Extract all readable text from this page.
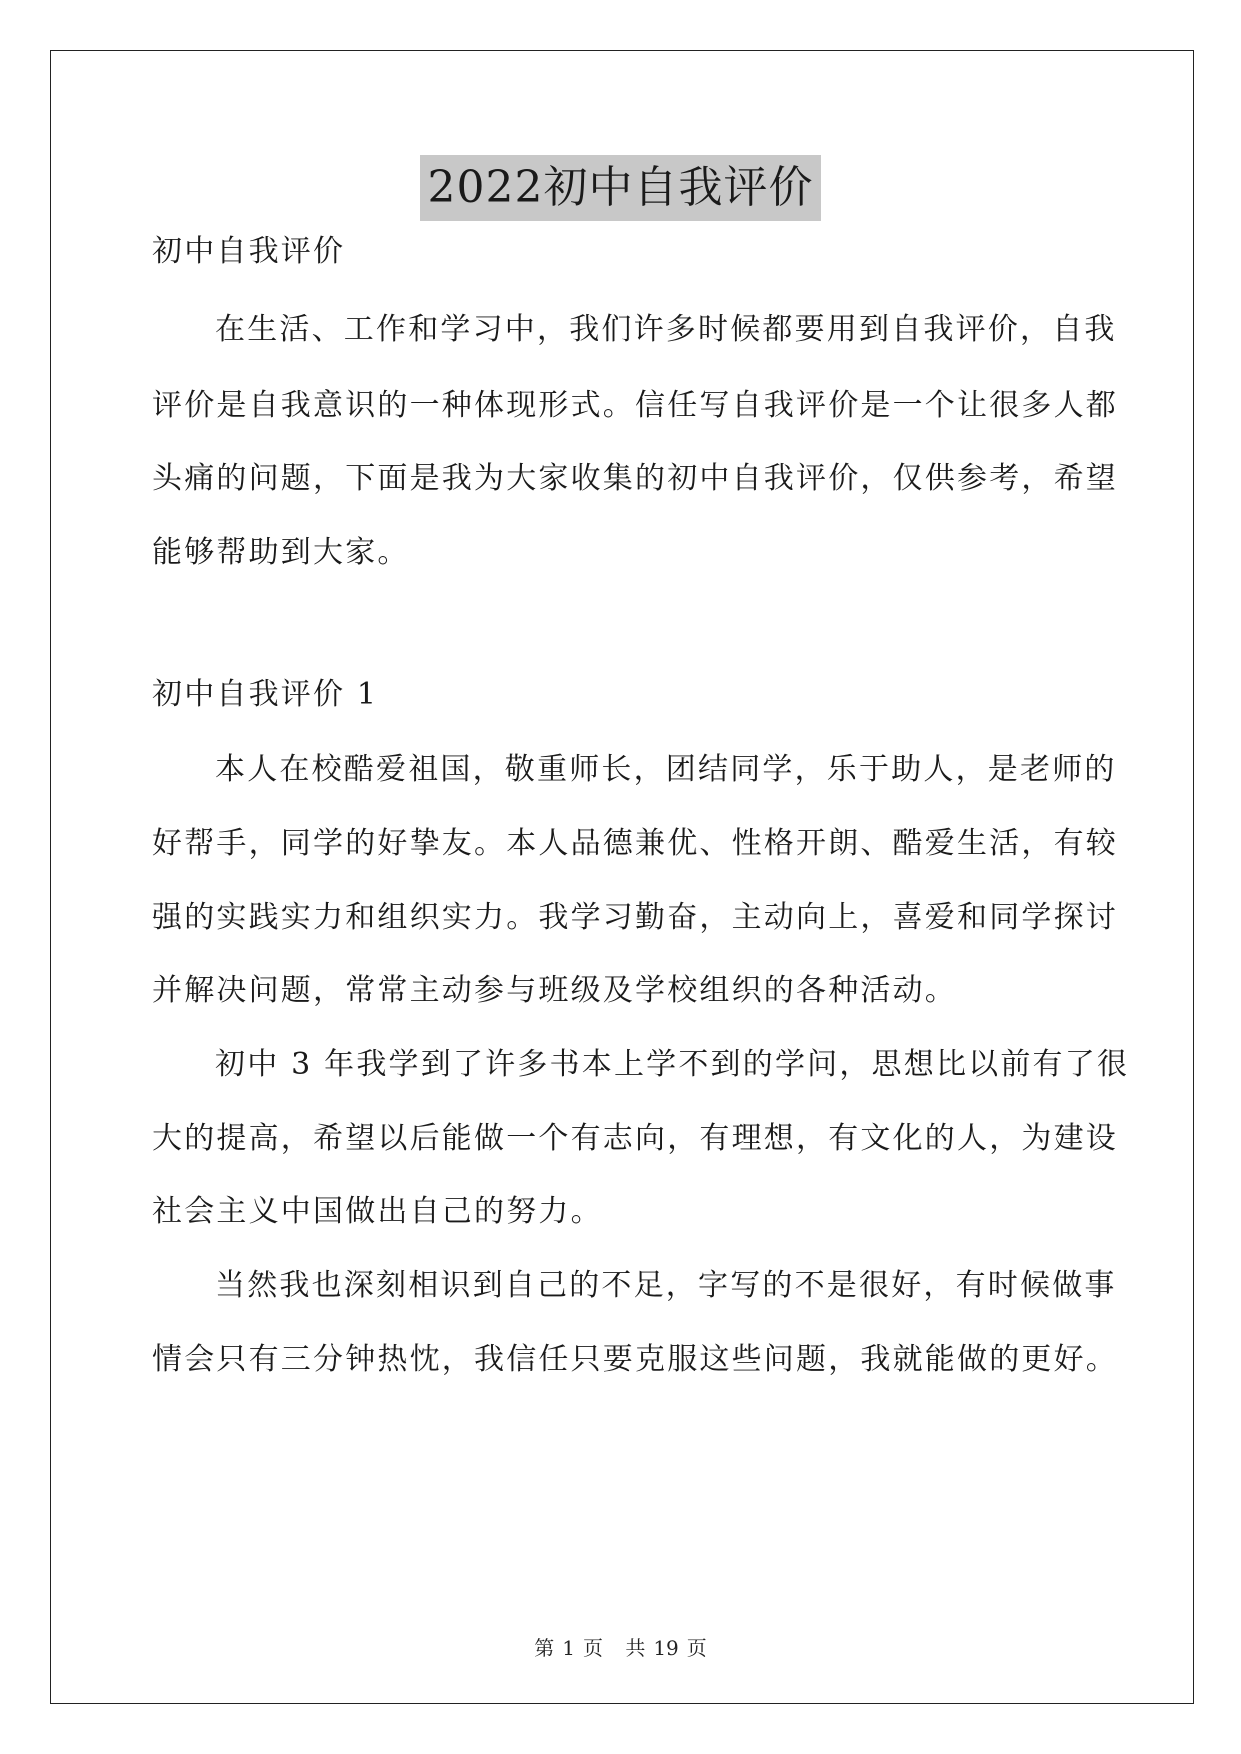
2022初中自我评价
初中自我评价
在生活、工作和学习中，我们许多时候都要用到自我评价，自我
评价是自我意识的一种体现形式。信任写自我评价是一个让很多人都
头痛的问题，下面是我为大家收集的初中自我评价，仅供参考，希望
能够帮助到大家。
初中自我评价 1
本人在校酷爱祖国，敬重师长，团结同学，乐于助人，是老师的
好帮手，同学的好挚友。本人品德兼优、性格开朗、酷爱生活，有较
强的实践实力和组织实力。我学习勤奋，主动向上，喜爱和同学探讨
并解决问题，常常主动参与班级及学校组织的各种活动。
初中 3 年我学到了许多书本上学不到的学问，思想比以前有了很
大的提高，希望以后能做一个有志向，有理想，有文化的人，为建设
社会主义中国做出自己的努力。
当然我也深刻相识到自己的不足，字写的不是很好，有时候做事
情会只有三分钟热忱，我信任只要克服这些问题，我就能做的更好。
第 1 页 共 19 页
